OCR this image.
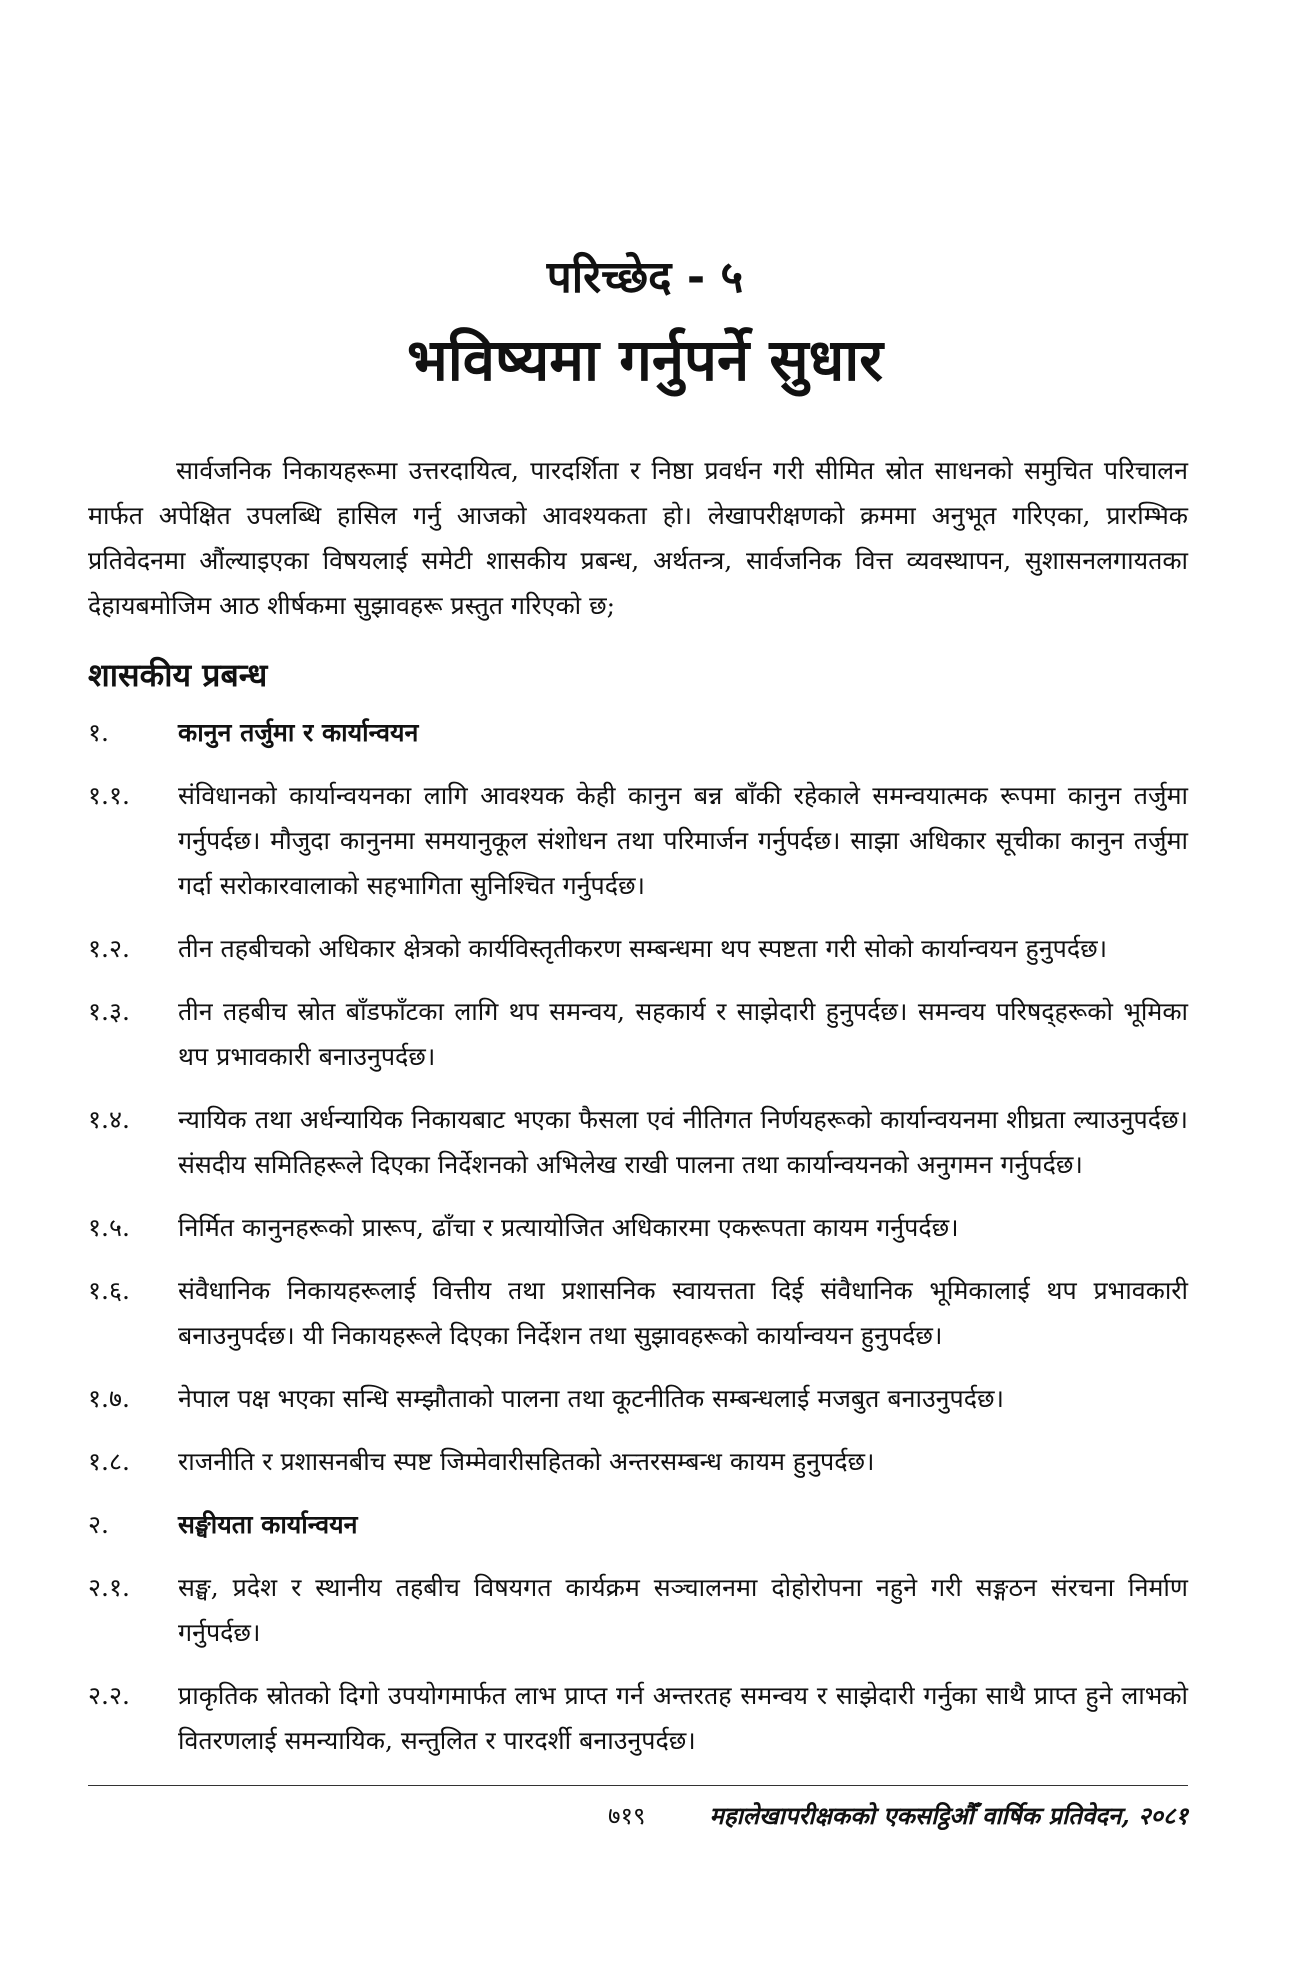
परिच्छेद - ५
भविष्यमा गर्नुपर्ने सुधार

सार्वजनिक निकायहरूमा उत्तरदायित्व, पारदर्शिता र निष्ठा प्रवर्धन गरी सीमित स्रोत साधनको समुचित परिचालन मार्फत अपेक्षित उपलब्धि हासिल गर्नु आजको आवश्यकता हो। लेखापरीक्षणको क्रममा अनुभूत गरिएका, प्रारम्भिक प्रतिवेदनमा औंल्याइएका विषयलाई समेटी शासकीय प्रबन्ध, अर्थतन्त्र, सार्वजनिक वित्त व्यवस्थापन, सुशासनलगायतका देहायबमोजिम आठ शीर्षकमा सुझावहरू प्रस्तुत गरिएको छ;

शासकीय प्रबन्ध
१.	कानुन तर्जुमा र कार्यान्वयन
१.१.	संविधानको कार्यान्वयनका लागि आवश्यक केही कानुन बन्न बाँकी रहेकाले समन्वयात्मक रूपमा कानुन तर्जुमा गर्नुपर्दछ। मौजुदा कानुनमा समयानुकूल संशोधन तथा परिमार्जन गर्नुपर्दछ। साझा अधिकार सूचीका कानुन तर्जुमा गर्दा सरोकारवालाको सहभागिता सुनिश्चित गर्नुपर्दछ।
१.२.	तीन तहबीचको अधिकार क्षेत्रको कार्यविस्तृतीकरण सम्बन्धमा थप स्पष्टता गरी सोको कार्यान्वयन हुनुपर्दछ।
१.३.	तीन तहबीच स्रोत बाँडफाँटका लागि थप समन्वय, सहकार्य र साझेदारी हुनुपर्दछ। समन्वय परिषद्हरूको भूमिका थप प्रभावकारी बनाउनुपर्दछ।
१.४.	न्यायिक तथा अर्धन्यायिक निकायबाट भएका फैसला एवं नीतिगत निर्णयहरूको कार्यान्वयनमा शीघ्रता ल्याउनुपर्दछ। संसदीय समितिहरूले दिएका निर्देशनको अभिलेख राखी पालना तथा कार्यान्वयनको अनुगमन गर्नुपर्दछ।
१.५.	निर्मित कानुनहरूको प्रारूप, ढाँचा र प्रत्यायोजित अधिकारमा एकरूपता कायम गर्नुपर्दछ।
१.६.	संवैधानिक निकायहरूलाई वित्तीय तथा प्रशासनिक स्वायत्तता दिई संवैधानिक भूमिकालाई थप प्रभावकारी बनाउनुपर्दछ। यी निकायहरूले दिएका निर्देशन तथा सुझावहरूको कार्यान्वयन हुनुपर्दछ।
१.७.	नेपाल पक्ष भएका सन्धि सम्झौताको पालना तथा कूटनीतिक सम्बन्धलाई मजबुत बनाउनुपर्दछ।
१.८.	राजनीति र प्रशासनबीच स्पष्ट जिम्मेवारीसहितको अन्तरसम्बन्ध कायम हुनुपर्दछ।
२.	सङ्घीयता कार्यान्वयन
२.१.	सङ्घ, प्रदेश र स्थानीय तहबीच विषयगत कार्यक्रम सञ्चालनमा दोहोरोपना नहुने गरी सङ्गठन संरचना निर्माण गर्नुपर्दछ।
२.२.	प्राकृतिक स्रोतको दिगो उपयोगमार्फत लाभ प्राप्त गर्न अन्तरतह समन्वय र साझेदारी गर्नुका साथै प्राप्त हुने लाभको वितरणलाई समन्यायिक, सन्तुलित र पारदर्शी बनाउनुपर्दछ।
७१९	महालेखापरीक्षकको एकसट्ठिऔँ वार्षिक प्रतिवेदन, २०८१
